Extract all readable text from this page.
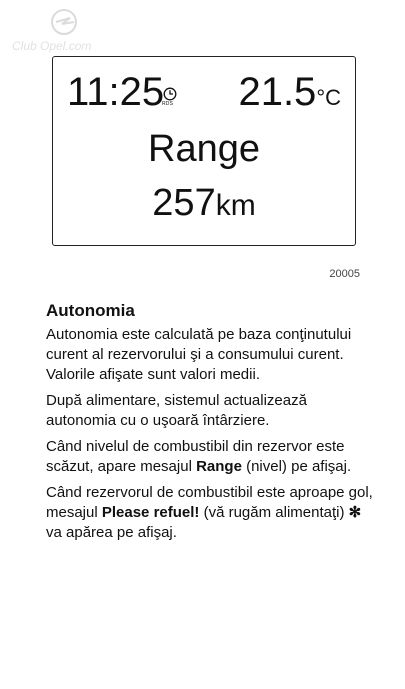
Club Opel.com
11:25
RDS 21.5°C
Range
257km
20005
Autonomia

Autonomia este calculată pe baza conţinutului curent al rezervorului şi a consumului curent. Valorile afişate sunt valori medii.

După alimentare, sistemul actualizează autonomia cu o uşoară întârziere.

Când nivelul de combustibil din rezervor este scăzut, apare mesajul Range (nivel) pe afişaj.

Când rezervorul de combustibil este aproape gol, mesajul Please refuel! (vă rugăm alimentaţi) ✻ va apărea pe afişaj.
